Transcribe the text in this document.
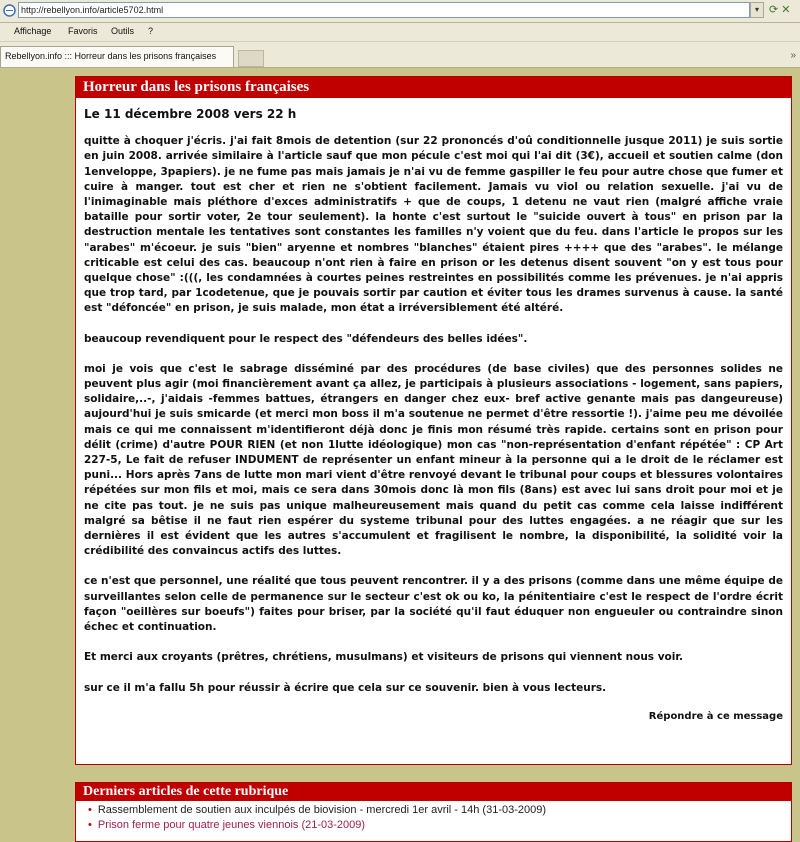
http://rebellyon.info/article5702.html	▾ ⟳ ✕
Affichage Favoris Outils ?
Rebellyon.info ::: Horreur dans les prisons françaises	»
Horreur dans les prisons françaises
Le 11 décembre 2008 vers 22 h

quitte à choquer j'écris. j'ai fait 8mois de detention (sur 22 prononcés d'oû conditionnelle jusque 2011) je suis sortie en juin 2008. arrivée similaire à l'article sauf que mon pécule c'est moi qui l'ai dit (3€), accueil et soutien calme (don 1enveloppe, 3papiers). je ne fume pas mais jamais je n'ai vu de femme gaspiller le feu pour autre chose que fumer et cuire à manger. tout est cher et rien ne s'obtient facilement. Jamais vu viol ou relation sexuelle. j'ai vu de l'inimaginable mais pléthore d'exces administratifs + que de coups, 1 detenu ne vaut rien (malgré affiche vraie bataille pour sortir voter, 2e tour seulement). la honte c'est surtout le "suicide ouvert à tous" en prison par la destruction mentale les tentatives sont constantes les familles n'y voient que du feu. dans l'article le propos sur les "arabes" m'écoeur. je suis "bien" aryenne et nombres "blanches" étaient pires ++++ que des "arabes". le mélange criticable est celui des cas. beaucoup n'ont rien à faire en prison or les detenus disent souvent "on y est tous pour quelque chose" :(((, les condamnées à courtes peines restreintes en possibilités comme les prévenues. je n'ai appris que trop tard, par 1codetenue, que je pouvais sortir par caution et éviter tous les drames survenus à cause. la santé est "défoncée" en prison, je suis malade, mon état a irréversiblement été altéré.

beaucoup revendiquent pour le respect des "défendeurs des belles idées".

moi je vois que c'est le sabrage disséminé par des procédures (de base civiles) que des personnes solides ne peuvent plus agir (moi financièrement avant ça allez, je participais à plusieurs associations - logement, sans papiers, solidaire,..-, j'aidais -femmes battues, étrangers en danger chez eux- bref active genante mais pas dangeureuse) aujourd'hui je suis smicarde (et merci mon boss il m'a soutenue ne permet d'être ressortie !). j'aime peu me dévoilée mais ce qui me connaissent m'identifieront déjà donc je finis mon résumé très rapide. certains sont en prison pour délit (crime) d'autre POUR RIEN (et non 1lutte idéologique) mon cas "non-représentation d'enfant répétée" : CP Art 227-5, Le fait de refuser INDUMENT de représenter un enfant mineur à la personne qui a le droit de le réclamer est puni... Hors après 7ans de lutte mon mari vient d'être renvoyé devant le tribunal pour coups et blessures volontaires répétées sur mon fils et moi, mais ce sera dans 30mois donc là mon fils (8ans) est avec lui sans droit pour moi et je ne cite pas tout. je ne suis pas unique malheureusement mais quand du petit cas comme cela laisse indifférent malgré sa bêtise il ne faut rien espérer du systeme tribunal pour des luttes engagées. a ne réagir que sur les dernières il est évident que les autres s'accumulent et fragilisent le nombre, la disponibilité, la solidité voir la crédibilité des convaincus actifs des luttes.

ce n'est que personnel, une réalité que tous peuvent rencontrer. il y a des prisons (comme dans une même équipe de surveillantes selon celle de permanence sur le secteur c'est ok ou ko, la pénitentiaire c'est le respect de l'ordre écrit façon "oeillères sur boeufs") faites pour briser, par la société qu'il faut éduquer non engueuler ou contraindre sinon échec et continuation.

Et merci aux croyants (prêtres, chrétiens, musulmans) et visiteurs de prisons qui viennent nous voir.

sur ce il m'a fallu 5h pour réussir à écrire que cela sur ce souvenir. bien à vous lecteurs.

Répondre à ce message
Derniers articles de cette rubrique
• Rassemblement de soutien aux inculpés de biovision - mercredi 1er avril - 14h (31-03-2009)
• Prison ferme pour quatre jeunes viennois (21-03-2009)
